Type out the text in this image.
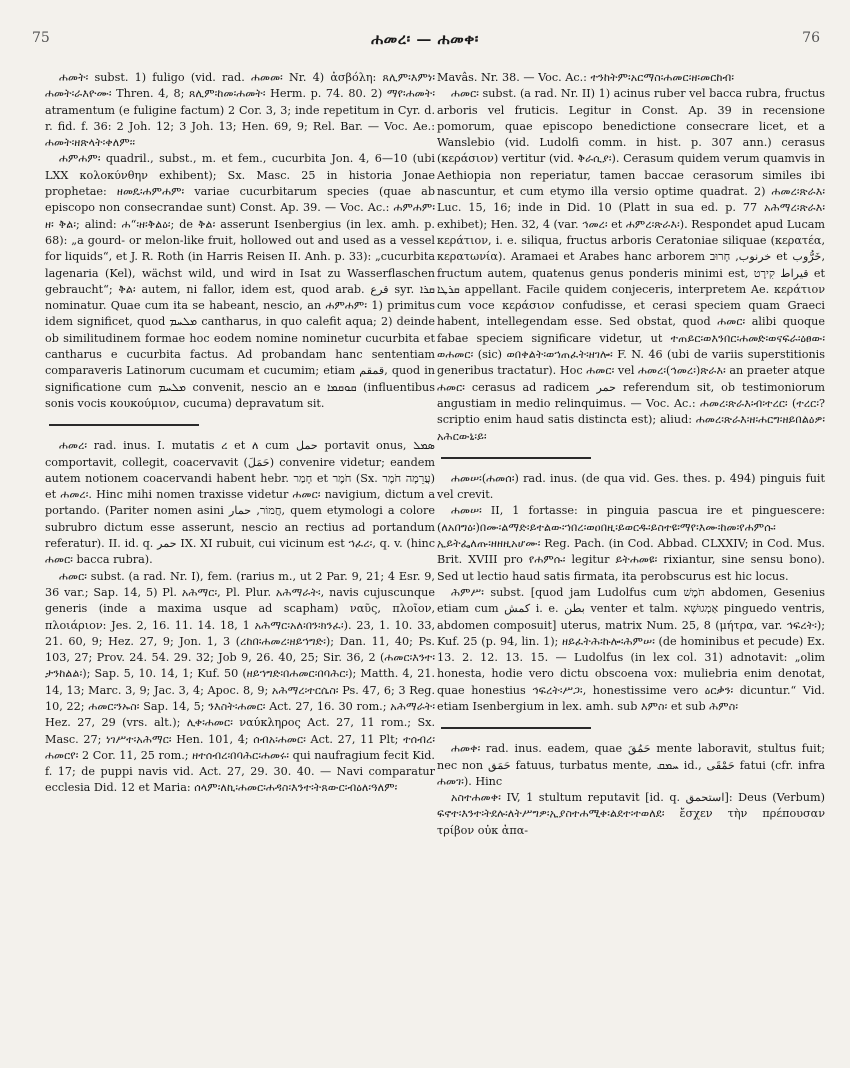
75	ሐመረ፡ — ሐመቀ፡	76

ሐመት፡ subst. 1) fuligo (vid. rad. ሐመመ፡ Nr. 4) ἀσβόλη: ጸሊም፡እምነ፡ሐመት፡ራእዮሙ፡ Thren. 4, 8; ጸሊም፡ከመ፡ሐመት፡ Herm. p. 74. 80. 2) ማየ፡ሐመት፡ atramentum (e fuligine factum) 2 Cor. 3, 3; inde repetitum in Cyr. d. r. fid. f. 36: 2 Joh. 12; 3 Joh. 13; Hen. 69, 9; Rel. Bar. — Voc. Ae.: ሐመት፡ዘጽላት፡ቀለም፡፡

ሐምሐም፡ quadril., subst., m. et fem., cucurbita Jon. 4, 6—10 (ubi LXX κολοκύνθην exhibent); Sx. Masc. 25 in historia Jonae prophetae: ዘመዴ፡ሐምሐም፡ variae cucurbitarum species (quae ab episcopo non consecrandae sunt) Const. Ap. 39. — Voc. Ac.: ሐምሐም፡ዘ፡ ቅል፡; alind: ሐ“፡ዘ፡ቅልዕ፡; de ቅል፡ asserunt Isenbergius (in lex. amh. p. 68): „a gourd- or melon-like fruit, hollowed out and used as a vessel for liquids“, et J. R. Roth (in Harris Reisen II. Anh. p. 33): „cucurbita lagenaria (Kel), wächst wild, und wird in Isat zu Wasserflaschen gebraucht“; ቅል፡ autem, ni fallor, idem est, quod arab. قرع syr. ܩܪܐ nominatur. Quae cum ita se habeant, nescio, an ሐምሐም፡ 1) primitus idem significet, quod ܡܠܚܡ cantharus, in quo calefit aqua; 2) deinde ob similitudinem formae hoc eodem nomine nominetur cucurbita et cantharus e cucurbita factus. Ad probandam hanc sententiam comparaveris Latinorum cucumam et cucumim; etiam قمقم, quod in significatione cum ܡܠܚܡ convenit, nescio an e ܩܘܩܡܐ (influentibus sonis vocis κουκούμιον, cucuma) depravatum sit.

ሐመረ፡ rad. inus. I. mutatis ረ et ለ cum حمل portavit onus, ܣܡܠ comportavit, collegit, coacervavit (حَمَلَ) convenire videtur; eandem autem notionem coacervandi habent hebr. חָמַר et חֹמֶר (Sx. עֲרֵמָה חֹמֶר) et ሐመረ፡. Hinc mihi nomen traxisse videtur ሐመር፡ navigium, dictum a portando. (Pariter nomen asini חֲמוֹר, حمار, quem etymologi a colore subrubro dictum esse asserunt, nescio an rectius ad portandum referatur). II. id. q. حمر IX. XI rubuit, cui vicinum est ኀፈረ፡, q. v. (hinc ሐመር፡ bacca rubra).

ሐመር፡ subst. (a rad. Nr. I), fem. (rarius m., ut 2 Par. 9, 21; 4 Esr. 9, 36 var.; Sap. 14, 5) Pl. አሕማር፡, Pl. Plur. አሕማራት፡, navis cujuscunque generis (inde a maxima usque ad scapham) ναῦς, πλοῖον, πλοιάριον: Jes. 2, 16. 11. 14. 18, 1 አሕማር፡አለ፡በን፡ክንፈ፡). 23, 1. 10. 33, 21. 60, 9; Hez. 27, 9; Jon. 1, 3 (ረከበ፡ሐመረ፡ዘይኀግድ፡); Dan. 11, 40; Ps. 103, 27; Prov. 24. 54. 29. 32; Job 9, 26. 40, 25; Sir. 36, 2 (ሐመር፡እንተ፡ታንከልል፡); Sap. 5, 10. 14, 1; Kuf. 50 (ዘይኀግድ፡በሐመር፡በባሕር፡); Matth. 4, 21. 14, 13; Marc. 3, 9; Jac. 3, 4; Apoc. 8, 9; አሕማረ፡ተርሴስ፡ Ps. 47, 6; 3 Reg. 10, 22; ሐመር፡ንኡስ፡ Sap. 14, 5; ንእስት፡ሐመር፡ Act. 27, 16. 30 rom.; አሕማራት፡ Hez. 27, 29 (vrs. alt.); ሊቀ፡ሐመር፡ ναύκληρος Act. 27, 11 rom.; Sx. Masc. 27; ነገሥተ፡አሕማር፡ Hen. 101, 4; ሰብአ፡ሐመር፡ Act. 27, 11 Plt; ተሰብረ፡ሐመርየ፡ 2 Cor. 11, 25 rom.; ዘተሰብረ፡በባሕር፡ሐመሩ፡ qui naufragium fecit Kid. f. 17; de puppi navis vid. Act. 27, 29. 30. 40. — Navi comparatur ecclesia Did. 12 et Maria: ሰላም፡ለኪ፡ሐመር፡ሐዳስ፡እንተ፡ትጸውር፡ብዕለ፡ዓለም፡

Mavâs. Nr. 38. — Voc. Ac.: ተንከትም፡አርማስ፡ሐመር፡ዘ፡መርከብ፡

ሐመር፡ subst. (a rad. Nr. II) 1) acinus ruber vel bacca rubra, fructus arboris vel fruticis. Legitur in Const. Ap. 39 in recensione pomorum, quae episcopo benedictione consecrare licet, et a Wanslebio (vid. Ludolfi comm. in hist. p. 307 ann.) cerasus (κεράσιον) vertitur (vid. ቅራሲያ፡). Cerasum quidem verum quamvis in Aethiopia non reperiatur, tamen baccae cerasorum similes ibi nascuntur, et cum etymo illa versio optime quadrat. 2) ሐመረ፡ጽራእ፡ Luc. 15, 16; inde in Did. 10 (Platt in sua ed. p. 77 አሕማረ፡ጽራእ፡ exhibet); Hen. 32, 4 (var. ኅመረ፡ et ሐምረ፡ጽራእ፡). Respondet apud Lucam κεράτιον, i. e. siliqua, fructus arboris Ceratoniae siliquae (κερατέα, κερατωνία). Aramaei et Arabes hanc arborem خرنوب, חָרוּב et خَرُّوب, fructum autem, quatenus genus ponderis minimi est, قيراط קִירָט et ܩܪܛܐ appellant. Facile quidem conjeceris, interpretem Ae. κεράτιον cum voce κεράσιον confudisse, et cerasi speciem quam Graeci habent, intellegendam esse. Sed obstat, quod ሐመር፡ alibi quoque fabae speciem significare videtur, ut ተጠይር፡ወእንበር፡ሐመድ፡ወናፍራ፡ዕፀው፡ ወሐመር፡ (sic) ወበቀልት፡ወኀጠፈት፡ዘገሎ፡ F. N. 46 (ubi de variis superstitionis generibus tractatur). Hoc ሐመር፡ vel ሐመረ፡(ኅመረ፡)ጽራእ፡ an praeter atque ሐመር፡ cerasus ad radicem حمر referendum sit, ob testimoniorum angustiam in medio relinquimus. — Voc. Ac.: ሐመረ፡ጽራእ፡ብ፡ተረር፡ (ተረር፡? scriptio enim haud satis distincta est); aliud: ሐመረ፡ጽራእ፡ዘ፡ሐርግ፡ዘይበልዕዎ፡አሕርውኒ፡ይ፡

ሐመሠ፡(ሐመሰ፡) rad. inus. (de qua vid. Ges. thes. p. 494) pinguis fuit vel crevit.

ሐመሠ፡ II, 1 fortasse: in pinguia pascua ire et pinguescere: (ለአበግዕ፡)በሙ፡ልማድ፡ይተልው፡ኀበረ፡ወዐበዚ፡ይወርዱ፡ይስተዩ፡ማየ፡እሙ፡ከመ፡የሐምሱ፡ኢይትፌለጡ፡ዘዘዚአሆሙ፡ Reg. Pach. (in Cod. Abbad. CLXXIV; in Cod. Mus. Brit. XVIII pro የሐምሱ፡ legitur ይትሐመዩ፡ rixiantur, sine sensu bono). Sed ut lectio haud satis firmata, ita perobscurus est hic locus.

ሕምሥ፡ subst. [quod jam Ludolfus cum חֹמֶשׁ abdomen, Gesenius etiam cum كمش i. e. بطن venter et talm. אַמְגוּשָׁא pinguedo ventris, abdomen composuit] uterus, matrix Num. 25, 8 (μήτρα, var. ኅፍረት፡); Kuf. 25 (p. 94, lin. 1); ዘይፈትሕ፡ኩሎ፡ሕምሠ፡ (de hominibus et pecude) Ex. 13. 2. 12. 13. 15. — Ludolfus (in lex col. 31) adnotavit: „olim honesta, hodie vero dictu obscoena vox: muliebria enim denotat, quae honestius ኅፍረት፡ሥጋ፡, honestissime vero ዕርቃን፡ dicuntur.“ Vid. etiam Isenbergium in lex. amh. sub እምስ፡ et sub ሕምስ፡

ሐመቀ፡ rad. inus. eadem, quae حَمُقَ mente laboravit, stultus fuit; nec non حَمَق fatuus, turbatus mente, ܚܡܩ id., حَمْقَى fatui (cfr. infra ሐመገ፡). Hinc

አስተሐመቀ፡ IV, 1 stultum reputavit [id. q. استحمق]: Deus (Verbum) ፍኖተ፡እንተ፡ትደሉ፡ለትሥግዎ፡ኢያስተሐሚቀ፡ልደተ፡ተወለደ፡ ἔσχεν τὴν πρέπουσαν τρίβον οὐκ ἀπα-
